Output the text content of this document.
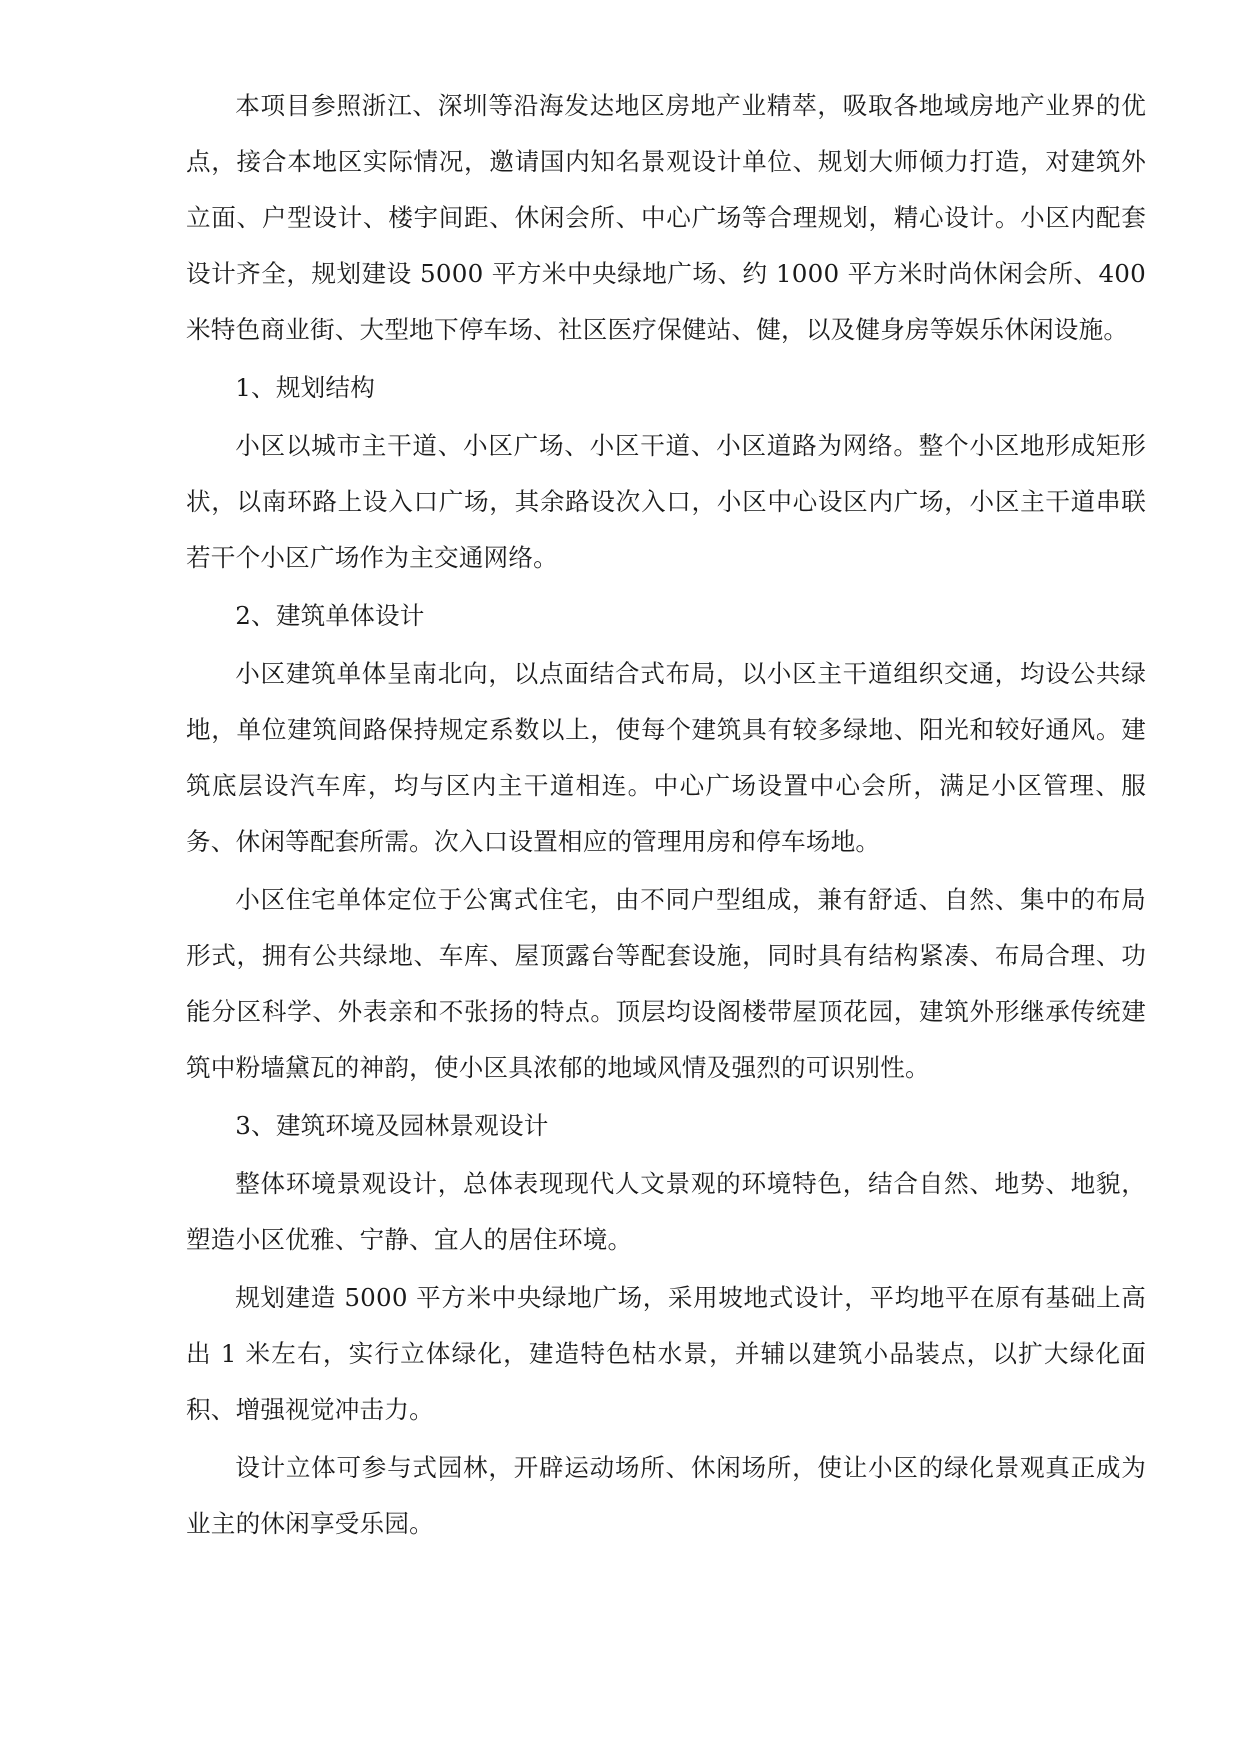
本项目参照浙江、深圳等沿海发达地区房地产业精萃，吸取各地域房地产业界的优点，接合本地区实际情况，邀请国内知名景观设计单位、规划大师倾力打造，对建筑外立面、户型设计、楼宇间距、休闲会所、中心广场等合理规划，精心设计。小区内配套设计齐全，规划建设 5000 平方米中央绿地广场、约 1000 平方米时尚休闲会所、400 米特色商业街、大型地下停车场、社区医疗保健站、健，以及健身房等娱乐休闲设施。

1、规划结构

小区以城市主干道、小区广场、小区干道、小区道路为网络。整个小区地形成矩形状，以南环路上设入口广场，其余路设次入口，小区中心设区内广场，小区主干道串联若干个小区广场作为主交通网络。

2、建筑单体设计

小区建筑单体呈南北向，以点面结合式布局，以小区主干道组织交通，均设公共绿地，单位建筑间路保持规定系数以上，使每个建筑具有较多绿地、阳光和较好通风。建筑底层设汽车库，均与区内主干道相连。中心广场设置中心会所，满足小区管理、服务、休闲等配套所需。次入口设置相应的管理用房和停车场地。

小区住宅单体定位于公寓式住宅，由不同户型组成，兼有舒适、自然、集中的布局形式，拥有公共绿地、车库、屋顶露台等配套设施，同时具有结构紧凑、布局合理、功能分区科学、外表亲和不张扬的特点。顶层均设阁楼带屋顶花园，建筑外形继承传统建筑中粉墙黛瓦的神韵，使小区具浓郁的地域风情及强烈的可识别性。

3、建筑环境及园林景观设计

整体环境景观设计，总体表现现代人文景观的环境特色，结合自然、地势、地貌，塑造小区优雅、宁静、宜人的居住环境。

规划建造 5000 平方米中央绿地广场，采用坡地式设计，平均地平在原有基础上高出 1 米左右，实行立体绿化，建造特色枯水景，并辅以建筑小品装点，以扩大绿化面积、增强视觉冲击力。

设计立体可参与式园林，开辟运动场所、休闲场所，使让小区的绿化景观真正成为业主的休闲享受乐园。
